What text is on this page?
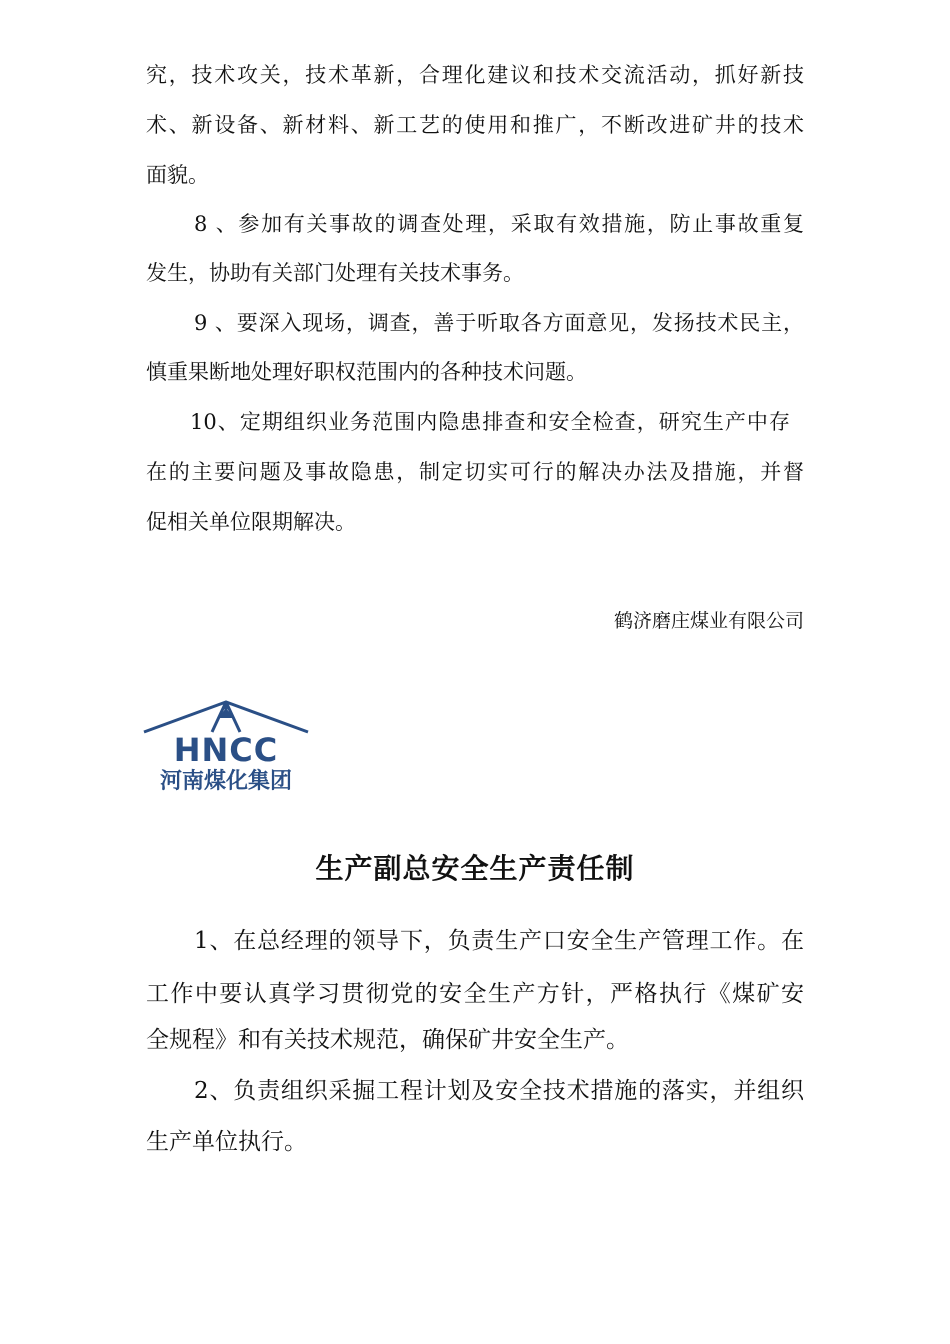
究，技术攻关，技术革新，合理化建议和技术交流活动，抓好新技
术、新设备、新材料、新工艺的使用和推广，不断改进矿井的技术
面貌。
8 、参加有关事故的调查处理，采取有效措施，防止事故重复
发生，协助有关部门处理有关技术事务。
9 、要深入现场，调查，善于听取各方面意见，发扬技术民主，
慎重果断地处理好职权范围内的各种技术问题。
10、定期组织业务范围内隐患排查和安全检查，研究生产中存
在的主要问题及事故隐患，制定切实可行的解决办法及措施，并督
促相关单位限期解决。
鹤济磨庄煤业有限公司
HNCC
河南煤化集团
生产副总安全生产责任制
1、在总经理的领导下，负责生产口安全生产管理工作。在
工作中要认真学习贯彻党的安全生产方针，严格执行《煤矿安
全规程》和有关技术规范，确保矿井安全生产。
2、负责组织采掘工程计划及安全技术措施的落实，并组织
生产单位执行。
